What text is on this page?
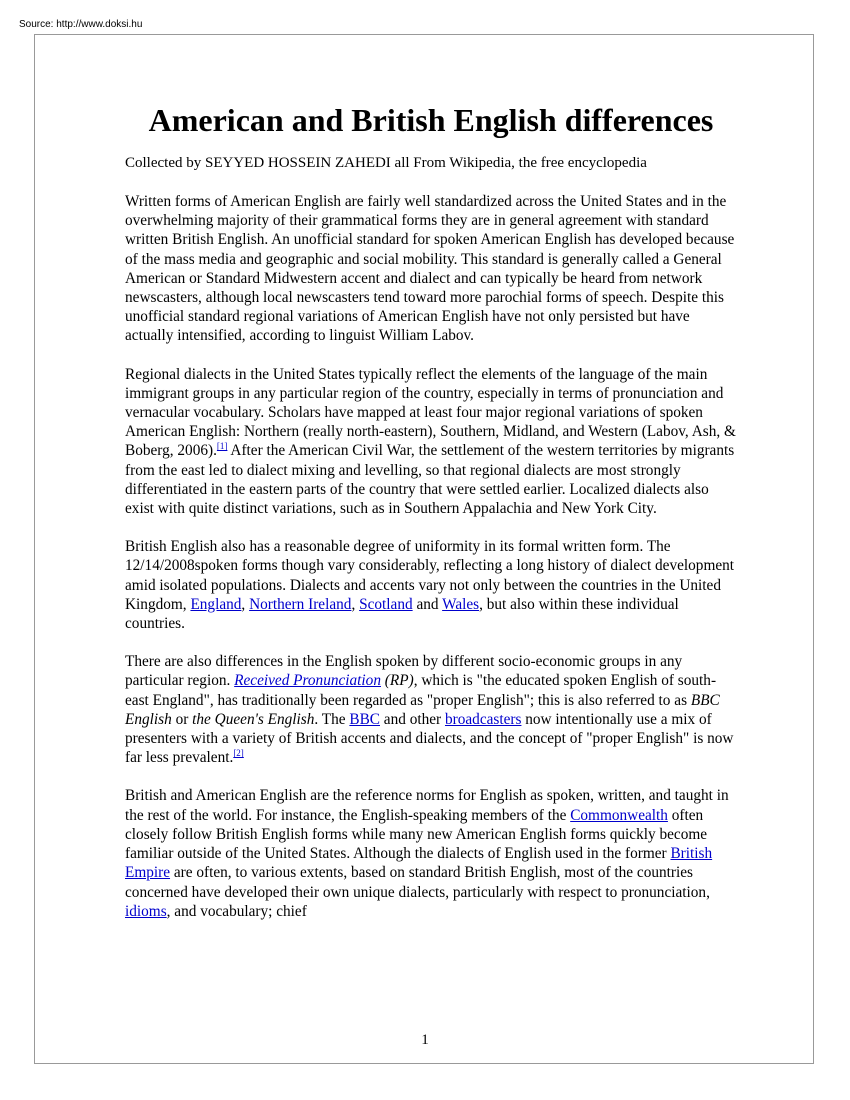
Source: http://www.doksi.hu
American and British English differences

Collected by SEYYED HOSSEIN ZAHEDI all From Wikipedia, the free encyclopedia

Written forms of American English are fairly well standardized across the United States and in the overwhelming majority of their grammatical forms they are in general agreement with standard written British English. An unofficial standard for spoken American English has developed because of the mass media and geographic and social mobility. This standard is generally called a General American or Standard Midwestern accent and dialect and can typically be heard from network newscasters, although local newscasters tend toward more parochial forms of speech. Despite this unofficial standard regional variations of American English have not only persisted but have actually intensified, according to linguist William Labov.

Regional dialects in the United States typically reflect the elements of the language of the main immigrant groups in any particular region of the country, especially in terms of pronunciation and vernacular vocabulary. Scholars have mapped at least four major regional variations of spoken American English: Northern (really north-eastern), Southern, Midland, and Western (Labov, Ash, & Boberg, 2006).[1] After the American Civil War, the settlement of the western territories by migrants from the east led to dialect mixing and levelling, so that regional dialects are most strongly differentiated in the eastern parts of the country that were settled earlier. Localized dialects also exist with quite distinct variations, such as in Southern Appalachia and New York City.

British English also has a reasonable degree of uniformity in its formal written form. The 12/14/2008spoken forms though vary considerably, reflecting a long history of dialect development amid isolated populations. Dialects and accents vary not only between the countries in the United Kingdom, England, Northern Ireland, Scotland and Wales, but also within these individual countries.

There are also differences in the English spoken by different socio-economic groups in any particular region. Received Pronunciation (RP), which is "the educated spoken English of south-east England", has traditionally been regarded as "proper English"; this is also referred to as BBC English or the Queen's English. The BBC and other broadcasters now intentionally use a mix of presenters with a variety of British accents and dialects, and the concept of "proper English" is now far less prevalent.[2]

British and American English are the reference norms for English as spoken, written, and taught in the rest of the world. For instance, the English-speaking members of the Commonwealth often closely follow British English forms while many new American English forms quickly become familiar outside of the United States. Although the dialects of English used in the former British Empire are often, to various extents, based on standard British English, most of the countries concerned have developed their own unique dialects, particularly with respect to pronunciation, idioms, and vocabulary; chief

1
